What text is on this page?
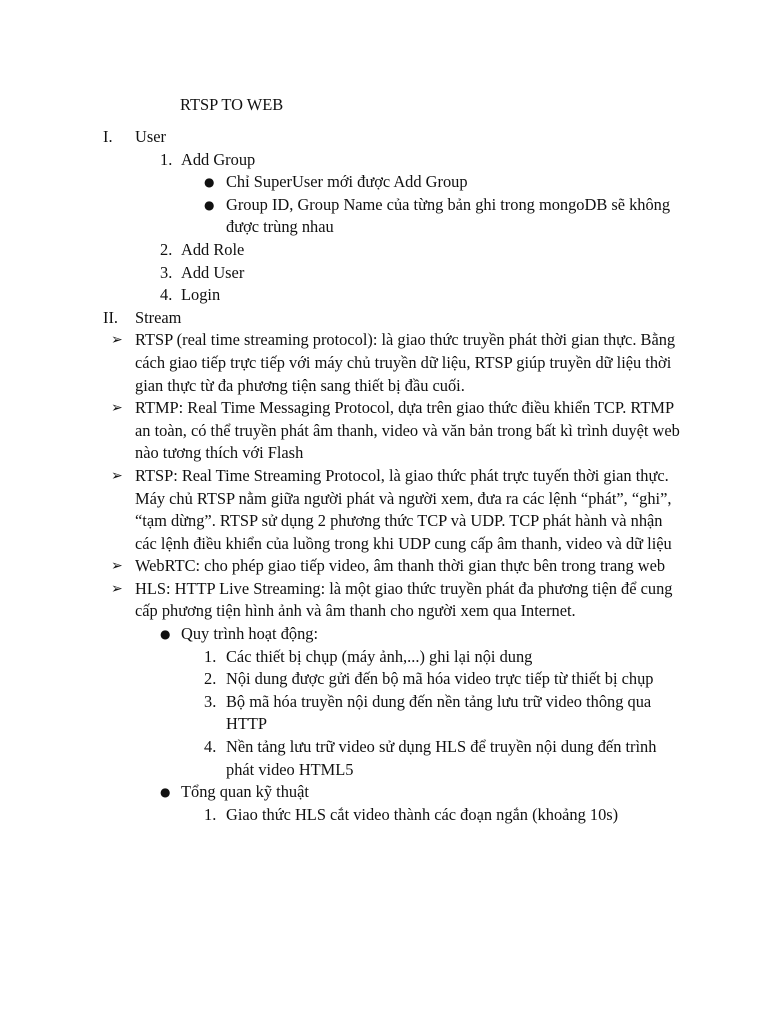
RTSP TO WEB
I. User
1. Add Group
● Chỉ SuperUser mới được Add Group
● Group ID, Group Name của từng bản ghi trong mongoDB sẽ không được trùng nhau
2. Add Role
3. Add User
4. Login
II. Stream
➢ RTSP (real time streaming protocol): là giao thức truyền phát thời gian thực. Bằng cách giao tiếp trực tiếp với máy chủ truyền dữ liệu, RTSP giúp truyền dữ liệu thời gian thực từ đa phương tiện sang thiết bị đầu cuối.
➢ RTMP: Real Time Messaging Protocol, dựa trên giao thức điều khiển TCP. RTMP an toàn, có thể truyền phát âm thanh, video và văn bản trong bất kì trình duyệt web nào tương thích với Flash
➢ RTSP: Real Time Streaming Protocol, là giao thức phát trực tuyến thời gian thực. Máy chủ RTSP nằm giữa người phát và người xem, đưa ra các lệnh “phát”, “ghi”, “tạm dừng”. RTSP sử dụng 2 phương thức TCP và UDP. TCP phát hành và nhận các lệnh điều khiển của luồng trong khi UDP cung cấp âm thanh, video và dữ liệu
➢ WebRTC: cho phép giao tiếp video, âm thanh thời gian thực bên trong trang web
➢ HLS: HTTP Live Streaming: là một giao thức truyền phát đa phương tiện để cung cấp phương tiện hình ảnh và âm thanh cho người xem qua Internet.
● Quy trình hoạt động:
1. Các thiết bị chụp (máy ảnh,...) ghi lại nội dung
2. Nội dung được gửi đến bộ mã hóa video trực tiếp từ thiết bị chụp
3. Bộ mã hóa truyền nội dung đến nền tảng lưu trữ video thông qua HTTP
4. Nền tảng lưu trữ video sử dụng HLS để truyền nội dung đến trình phát video HTML5
● Tổng quan kỹ thuật
1. Giao thức HLS cắt video thành các đoạn ngắn (khoảng 10s)
